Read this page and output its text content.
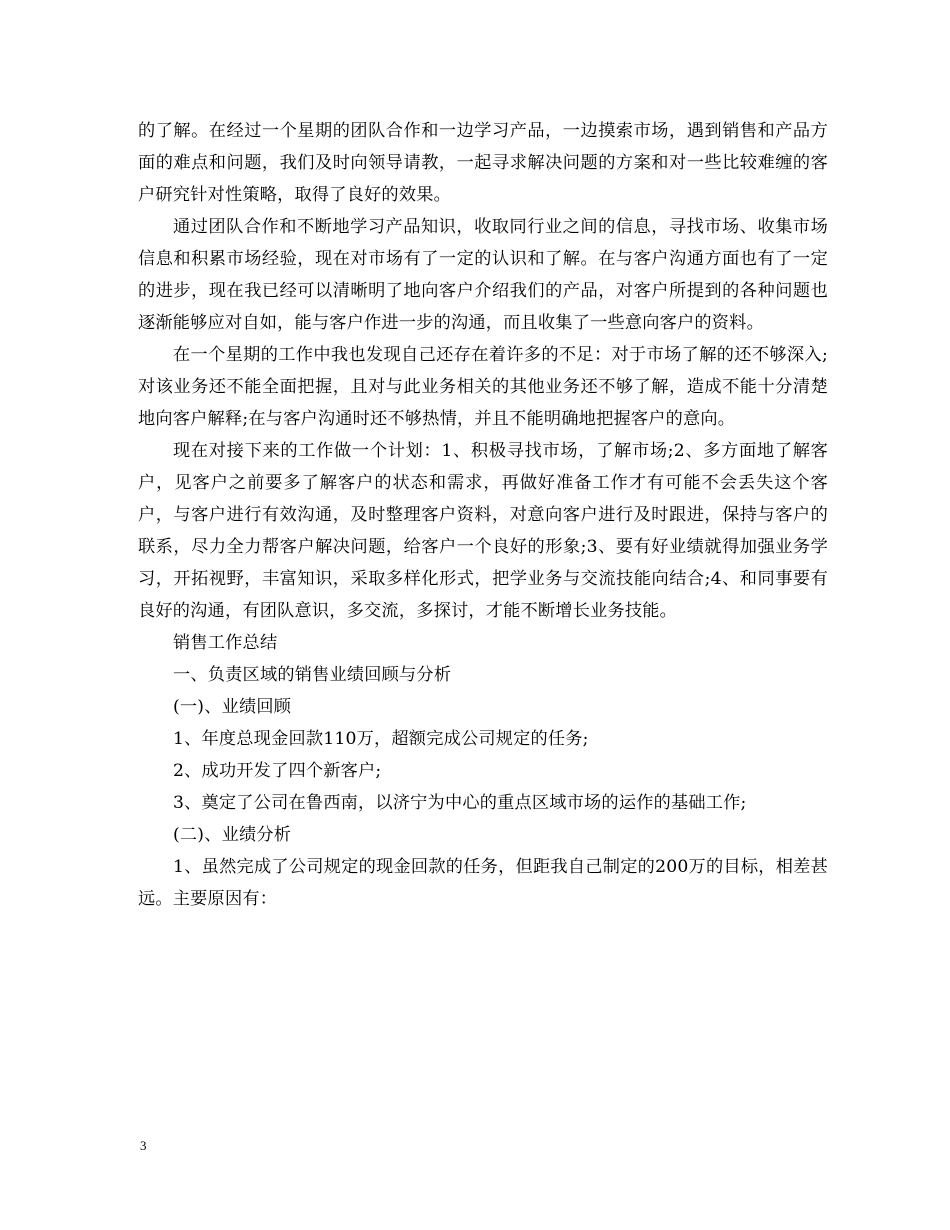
的了解。在经过一个星期的团队合作和一边学习产品，一边摸索市场，遇到销售和产品方面的难点和问题，我们及时向领导请教，一起寻求解决问题的方案和对一些比较难缠的客户研究针对性策略，取得了良好的效果。

通过团队合作和不断地学习产品知识，收取同行业之间的信息，寻找市场、收集市场信息和积累市场经验，现在对市场有了一定的认识和了解。在与客户沟通方面也有了一定的进步，现在我已经可以清晰明了地向客户介绍我们的产品，对客户所提到的各种问题也逐渐能够应对自如，能与客户作进一步的沟通，而且收集了一些意向客户的资料。

在一个星期的工作中我也发现自己还存在着许多的不足：对于市场了解的还不够深入;对该业务还不能全面把握，且对与此业务相关的其他业务还不够了解，造成不能十分清楚地向客户解释;在与客户沟通时还不够热情，并且不能明确地把握客户的意向。

现在对接下来的工作做一个计划：1、积极寻找市场，了解市场;2、多方面地了解客户，见客户之前要多了解客户的状态和需求，再做好准备工作才有可能不会丢失这个客户，与客户进行有效沟通，及时整理客户资料，对意向客户进行及时跟进，保持与客户的联系，尽力全力帮客户解决问题，给客户一个良好的形象;3、要有好业绩就得加强业务学习，开拓视野，丰富知识，采取多样化形式，把学业务与交流技能向结合;4、和同事要有良好的沟通，有团队意识，多交流，多探讨，才能不断增长业务技能。

销售工作总结

一、负责区域的销售业绩回顾与分析

(一)、业绩回顾

1、年度总现金回款110万，超额完成公司规定的任务;

2、成功开发了四个新客户;

3、奠定了公司在鲁西南，以济宁为中心的重点区域市场的运作的基础工作;

(二)、业绩分析

1、虽然完成了公司规定的现金回款的任务，但距我自己制定的200万的目标，相差甚远。主要原因有：

3
